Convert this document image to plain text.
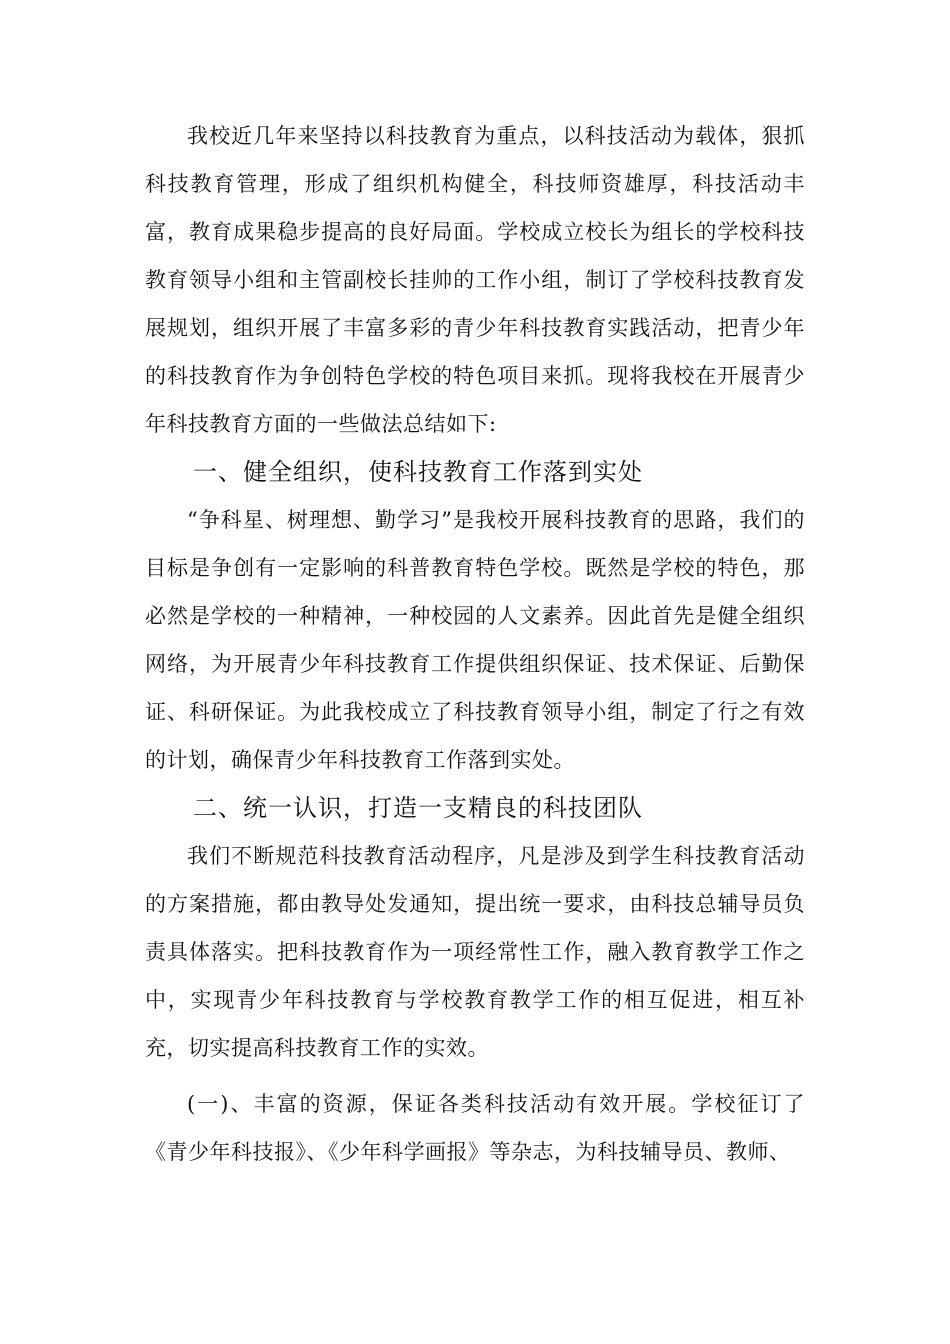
我校近几年来坚持以科技教育为重点，以科技活动为载体，狠抓科技教育管理，形成了组织机构健全，科技师资雄厚，科技活动丰富，教育成果稳步提高的良好局面。学校成立校长为组长的学校科技教育领导小组和主管副校长挂帅的工作小组，制订了学校科技教育发展规划，组织开展了丰富多彩的青少年科技教育实践活动，把青少年的科技教育作为争创特色学校的特色项目来抓。现将我校在开展青少年科技教育方面的一些做法总结如下:

一、健全组织，使科技教育工作落到实处

“争科星、树理想、勤学习”是我校开展科技教育的思路，我们的目标是争创有一定影响的科普教育特色学校。既然是学校的特色，那必然是学校的一种精神，一种校园的人文素养。因此首先是健全组织网络，为开展青少年科技教育工作提供组织保证、技术保证、后勤保证、科研保证。为此我校成立了科技教育领导小组，制定了行之有效的计划，确保青少年科技教育工作落到实处。

二、统一认识，打造一支精良的科技团队

我们不断规范科技教育活动程序，凡是涉及到学生科技教育活动的方案措施，都由教导处发通知，提出统一要求，由科技总辅导员负责具体落实。把科技教育作为一项经常性工作，融入教育教学工作之中，实现青少年科技教育与学校教育教学工作的相互促进，相互补充，切实提高科技教育工作的实效。

(一)、丰富的资源，保证各类科技活动有效开展。学校征订了《青少年科技报》、《少年科学画报》等杂志，为科技辅导员、教师、
